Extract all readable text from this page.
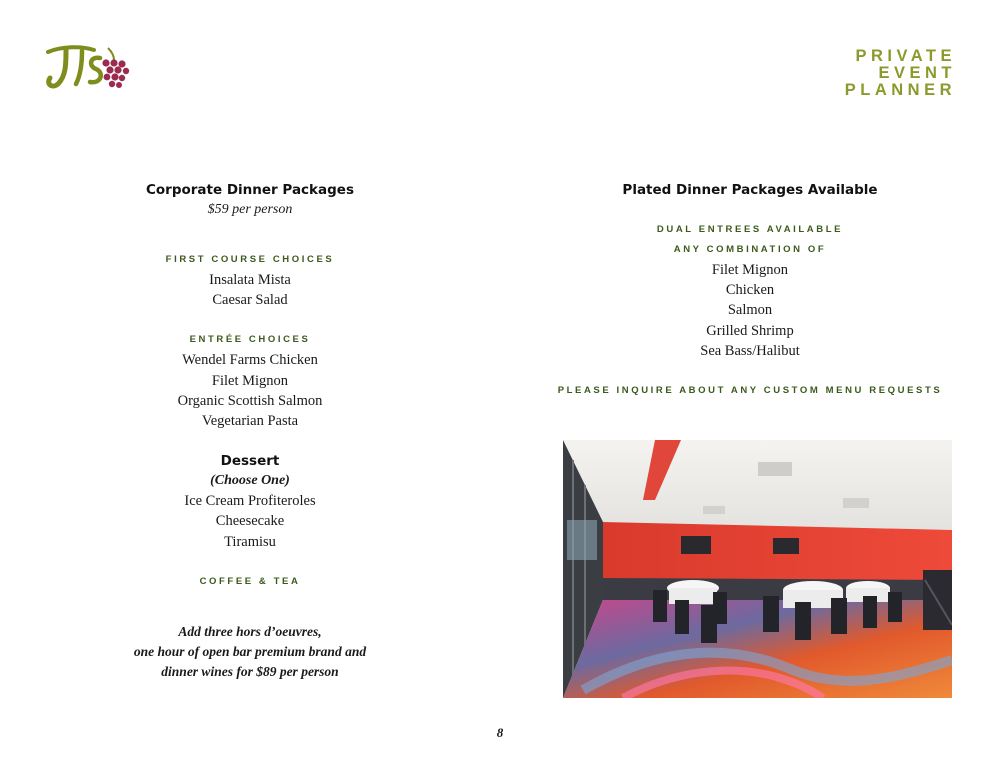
PRIVATE
EVENT
PLANNER

Corporate Dinner Packages

$59 per person

FIRST COURSE CHOICES

Insalata Mista

Caesar Salad

ENTRÉE CHOICES

Wendel Farms Chicken

Filet Mignon

Organic Scottish Salmon

Vegetarian Pasta

Dessert

(Choose One)

Ice Cream Profiteroles

Cheesecake

Tiramisu

COFFEE & TEA

Add three hors d’oeuvres,
one hour of open bar premium brand and
dinner wines for $89 per person

Plated Dinner Packages Available

DUAL ENTREES AVAILABLE

ANY COMBINATION OF

Filet Mignon

Chicken

Salmon

Grilled Shrimp

Sea Bass/Halibut

PLEASE INQUIRE ABOUT ANY CUSTOM MENU REQUESTS

8
